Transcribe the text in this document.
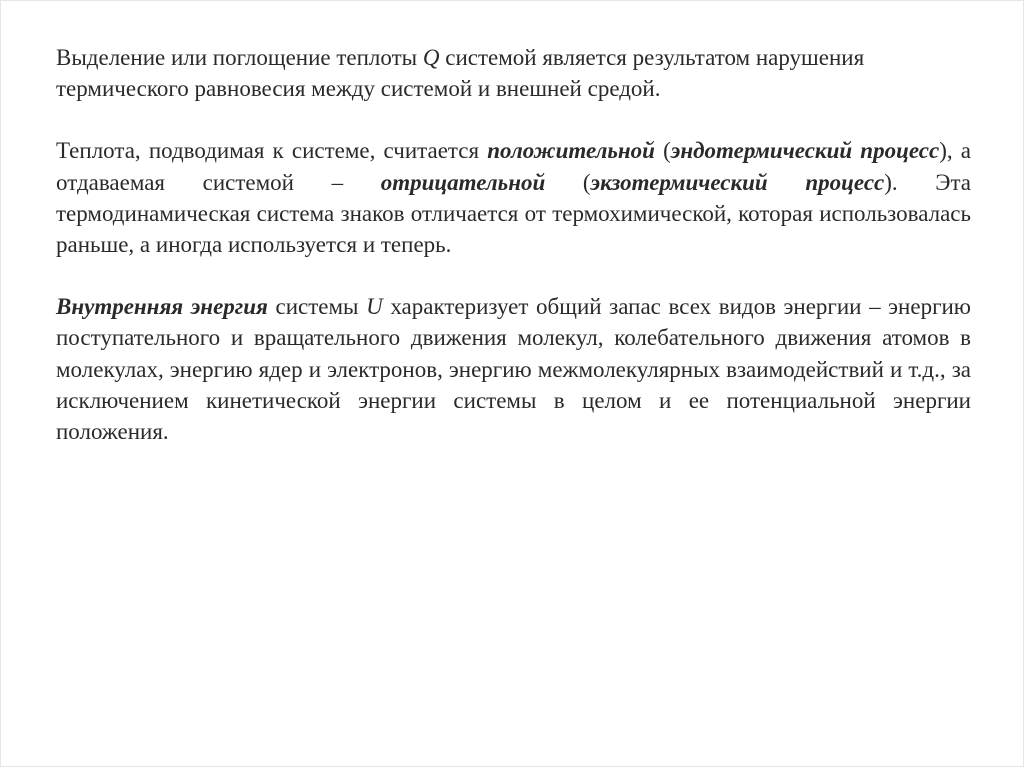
Выделение или поглощение теплоты Q системой является результатом нарушения термического равновесия между системой и внешней средой.

Теплота, подводимая к системе, считается положительной (эндотермический процесс), а отдаваемая системой – отрицательной (экзотермический процесс). Эта термодинамическая система знаков отличается от термохимической, которая использовалась раньше, а иногда используется и теперь.

Внутренняя энергия системы U характеризует общий запас всех видов энергии – энергию поступательного и вращательного движения молекул, колебательного движения атомов в молекулах, энергию ядер и электронов, энергию межмолекулярных взаимодействий и т.д., за исключением кинетической энергии системы в целом и ее потенциальной энергии положения.
